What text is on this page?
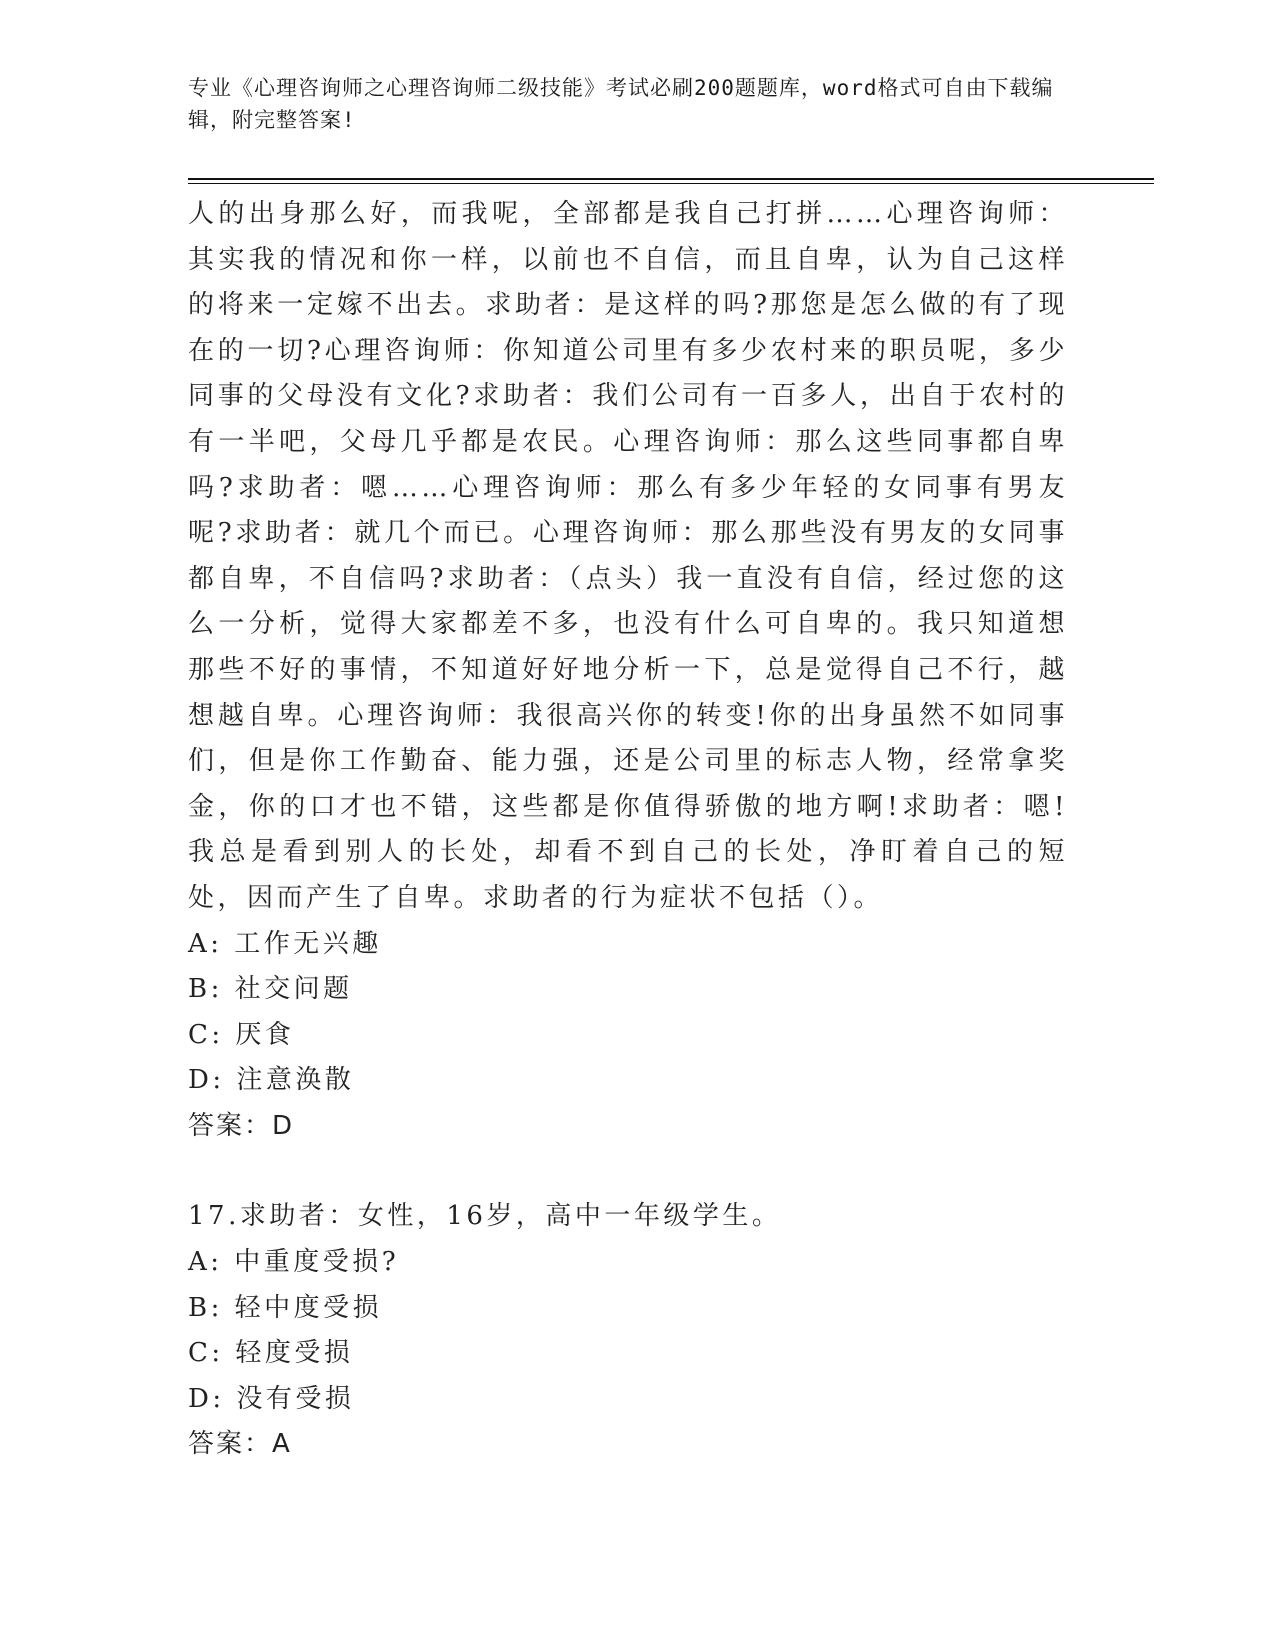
专业《心理咨询师之心理咨询师二级技能》考试必刷200题题库，word格式可自由下载编辑，附完整答案!

人的出身那么好，而我呢，全部都是我自己打拼……心理咨询师：其实我的情况和你一样，以前也不自信，而且自卑，认为自己这样的将来一定嫁不出去。求助者：是这样的吗?那您是怎么做的有了现在的一切?心理咨询师：你知道公司里有多少农村来的职员呢，多少同事的父母没有文化?求助者：我们公司有一百多人，出自于农村的有一半吧，父母几乎都是农民。心理咨询师：那么这些同事都自卑吗?求助者：嗯……心理咨询师：那么有多少年轻的女同事有男友呢?求助者：就几个而已。心理咨询师：那么那些没有男友的女同事都自卑，不自信吗?求助者：（点头）我一直没有自信，经过您的这么一分析，觉得大家都差不多，也没有什么可自卑的。我只知道想那些不好的事情，不知道好好地分析一下，总是觉得自己不行，越想越自卑。心理咨询师：我很高兴你的转变!你的出身虽然不如同事们，但是你工作勤奋、能力强，还是公司里的标志人物，经常拿奖金，你的口才也不错，这些都是你值得骄傲的地方啊!求助者：嗯!我总是看到别人的长处，却看不到自己的长处，净盯着自己的短处，因而产生了自卑。求助者的行为症状不包括（）。

A: 工作无兴趣

B: 社交问题

C: 厌食

D: 注意涣散

答案：D

17.求助者：女性，16岁，高中一年级学生。

A: 中重度受损?

B: 轻中度受损

C: 轻度受损

D: 没有受损

答案：A
